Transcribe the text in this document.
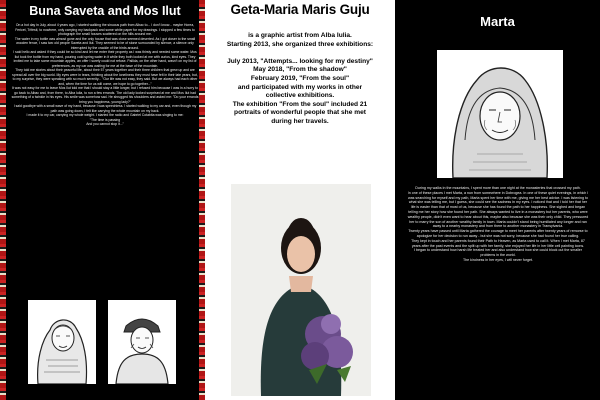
Buna Saveta and Mos Ilut

On a hot day in July, about 4 years ago, I started walking the sinuous path from Albac to... I don't know... maybe Horea, Fericet, Trifesti, to nowhere, only carrying my backpack and some white paper for my drawings. I stopped a few times to photograph the small houses scattered on the hills around me.

The water in my bottle was almost gone and the only house that was close seemed deserted. As I got closer to the small wooden fence, I saw two old people Saveta and Ilut. They seemed to be of stone surrounded by silence, a silence only interrupted by the crackle of the birds around.

I said hello and asked if they could be so kind and let me enter their property as I was thirsty and needed some water. Mos Ilut took the bottle from my hand, pouring cold spring water in it while they both looked at me with curios, kind eyes. They invited me to take some mountain apples, an offer I surely could not refuse. Pallida, on the other hand, wasn't on my list of preferences, as my car was waiting for me at the base of the mountain.

They told me stories about their peaceful life, about their 57 years together and their three children that grew up and are spread all over the big world. My eyes were in tears, thinking about the loneliness they must have felt in their late years, but, to my surprise, they were speaking with so much serenity... "Our life was not easy, they said. But we always had each other and, when the time for us will come, we hope to go together..."

It was not easy for me to leave Mos Ilut told me that I should stay a little longer, but I refused him because I was in a hurry to go back to Albac and, from there, to Alba Iulia, to run a few errands. The old lady looked surprised at me and Mos Ilut had something of a twinkle in his eyes. His smile was somehow sad. He shrugged his shoulders and asked me: "Do your errands bring you happiness, young lady?"

I said goodbye with a small wave of my hand, because I was speechless. I started walking to my car and, even though my path was going down, I felt like carrying the whole mountain on my back.

I made it to my car, carrying my whole weight. I started the radio and Gabriel Cotabita was singing to me:

"The time is passing

And you cannot stop it..."

Geta-Maria Maris Guju

is a graphic artist from Alba Iulia.

Starting 2013, she organized three exhibitions:

July 2013, "Attempts... looking for my destiny"

May 2018, "From the shadow"

February 2019, "From the soul"

and participated with my works in other

collective exhibitions.

The exhibition "From the soul" included 21

portraits of wonderful people that she met

during her travels.

Marta

During my walks in the mountains, I spent more than one night at the monasteries that crossed my path.

In one of these places I met Marta, a nun from somewhere in Dobrogea. In one of these quiet evenings, in which I was searching for myself and my path, Marta spent her time with me, giving me her best advice. I was listening to what she was telling me, but I guess, she could see the sadness in my eyes. I noticed that and I told her that her life is easier than that of most of us, because she has found the path to her happiness. She sighed and began telling me her story how she found her path. She always wanted to live in a monastery but her parents, who were wealthy people, didn't even want to hear about this, maybe also because she was their only child. They pressured her to marry the son of another wealthy family in town. Marta couldn't stand being humiliated any longer and ran away to a nearby monastery and from there to another monastery in Transylvania.

Twenty years have passed until Marta gathered the courage to meet her parents after twenty years of remorse to apologize for her decision to run away - but she was not sorry, because she had found her true calling.

They kept in touch and her parents found their Path to Heaven, as Marta used to call it. When I met Marta, 87 years after the past events and the split up with her family, she enjoyed her life in her little cell painting icons.

I began to understand how harsh life treated her and also understand how she could block out the smaller problems in the world.

The kindness in her eyes, I will never forget.
